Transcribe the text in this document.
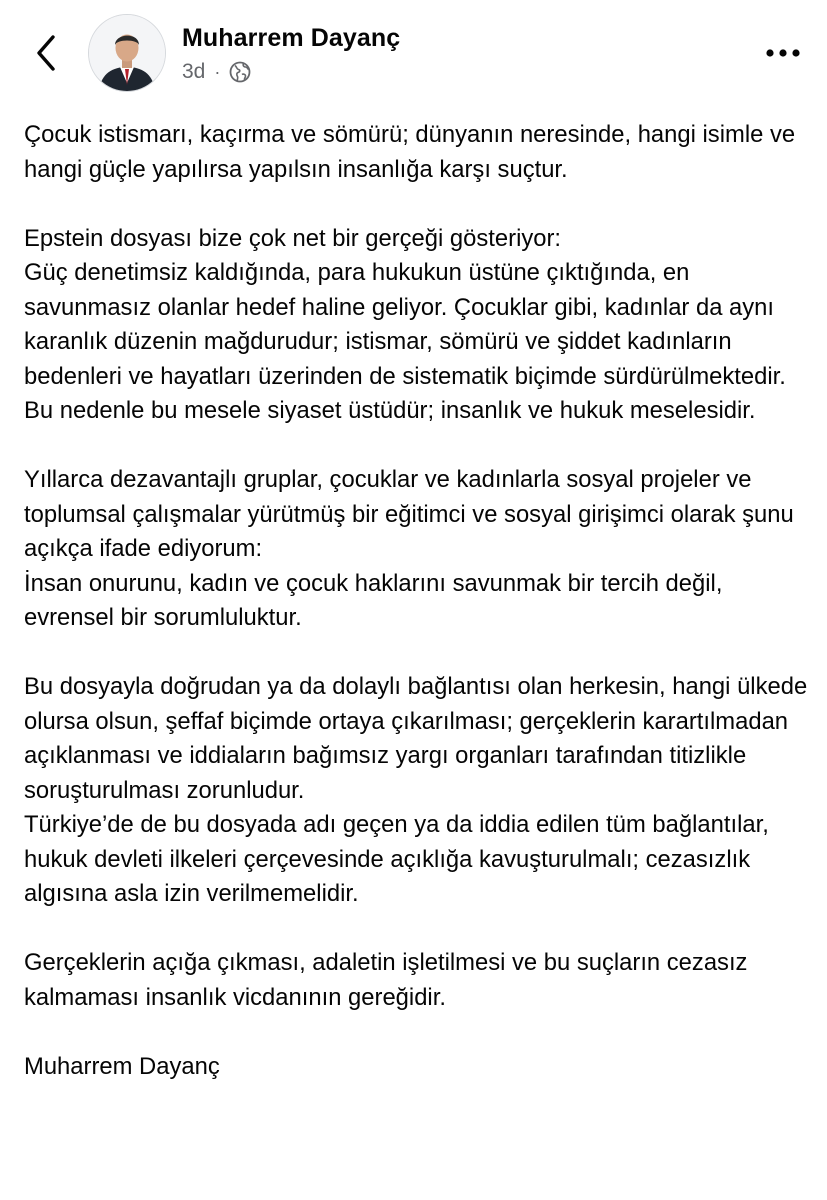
Muharrem Dayanç
3d ·

Çocuk istismarı, kaçırma ve sömürü; dünyanın neresinde, hangi isimle ve hangi güçle yapılırsa yapılsın insanlığa karşı suçtur.

Epstein dosyası bize çok net bir gerçeği gösteriyor:
Güç denetimsiz kaldığında, para hukukun üstüne çıktığında, en savunmasız olanlar hedef haline geliyor. Çocuklar gibi, kadınlar da aynı karanlık düzenin mağdurudur; istismar, sömürü ve şiddet kadınların bedenleri ve hayatları üzerinden de sistematik biçimde sürdürülmektedir.
Bu nedenle bu mesele siyaset üstüdür; insanlık ve hukuk meselesidir.

Yıllarca dezavantajlı gruplar, çocuklar ve kadınlarla sosyal projeler ve toplumsal çalışmalar yürütmüş bir eğitimci ve sosyal girişimci olarak şunu açıkça ifade ediyorum:
İnsan onurunu, kadın ve çocuk haklarını savunmak bir tercih değil, evrensel bir sorumluluktur.

Bu dosyayla doğrudan ya da dolaylı bağlantısı olan herkesin, hangi ülkede olursa olsun, şeffaf biçimde ortaya çıkarılması; gerçeklerin karartılmadan açıklanması ve iddiaların bağımsız yargı organları tarafından titizlikle soruşturulması zorunludur.
Türkiye’de de bu dosyada adı geçen ya da iddia edilen tüm bağlantılar, hukuk devleti ilkeleri çerçevesinde açıklığa kavuşturulmalı; cezasızlık algısına asla izin verilmemelidir.

Gerçeklerin açığa çıkması, adaletin işletilmesi ve bu suçların cezasız kalmaması insanlık vicdanının gereğidir.

Muharrem Dayanç
